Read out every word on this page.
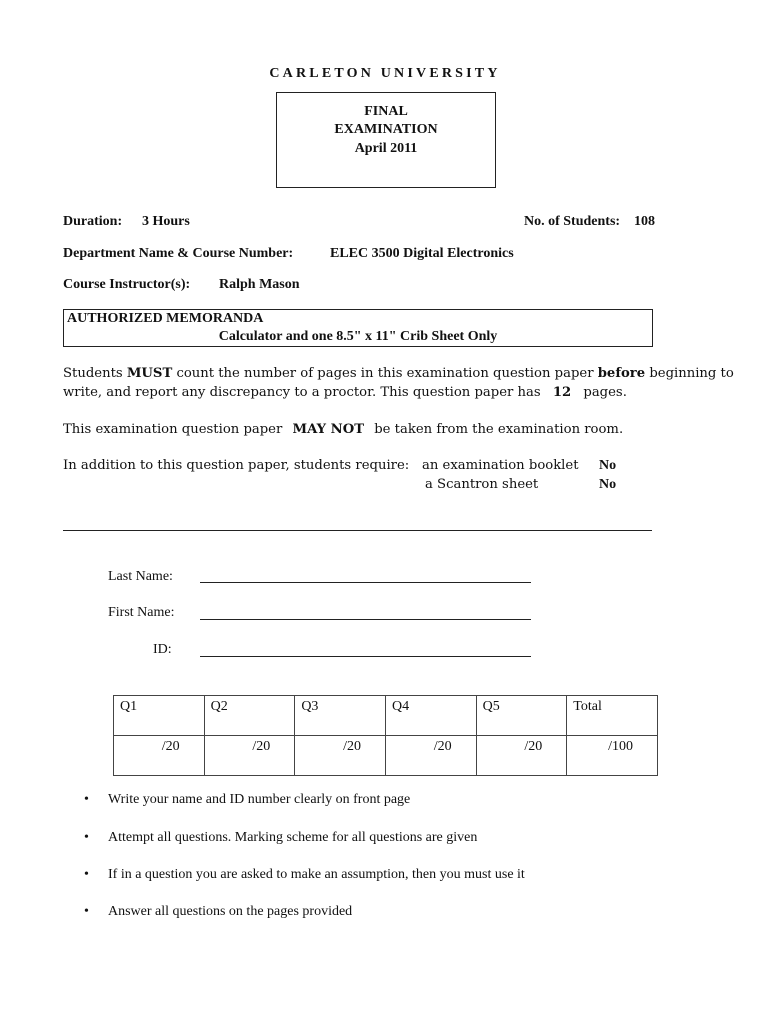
CARLETON UNIVERSITY
FINAL
EXAMINATION
April 2011
Duration: 3 Hours	No. of Students: 108
Department Name & Course Number:	ELEC 3500 Digital Electronics
Course Instructor(s): Ralph Mason
AUTHORIZED MEMORANDA
Calculator and one 8.5" x 11" Crib Sheet Only
Students MUST count the number of pages in this examination question paper before beginning to
write, and report any discrepancy to a proctor. This question paper has 12 pages.
This examination question paper MAY NOT be taken from the examination room.
In addition to this question paper, students require: an examination booklet No
a Scantron sheet	No
Last Name:
First Name:
ID:
Q1	Q2	Q3	Q4	Q5	Total
/20	/20	/20	/20	/20	/100
• Write your name and ID number clearly on front page
• Attempt all questions. Marking scheme for all questions are given
• If in a question you are asked to make an assumption, then you must use it
• Answer all questions on the pages provided
